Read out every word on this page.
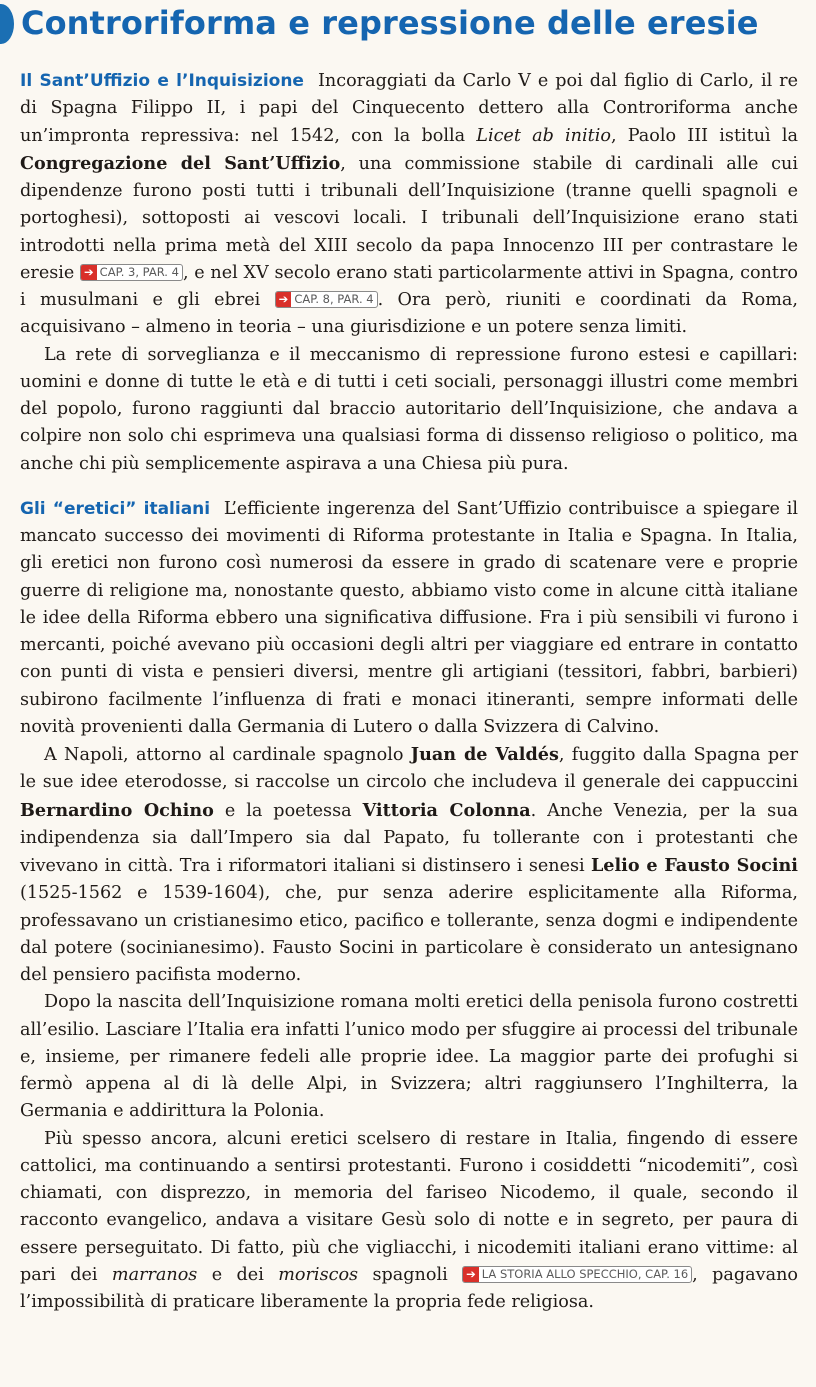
Controriforma e repressione delle eresie

Il Sant’Uffizio e l’Inquisizione Incoraggiati da Carlo V e poi dal figlio di Carlo, il re di Spagna Filippo II, i papi del Cinquecento dettero alla Controriforma anche un’impronta repressiva: nel 1542, con la bolla Licet ab initio, Paolo III istituì la Congregazione del Sant’Uffizio, una commissione stabile di cardinali alle cui dipendenze furono posti tutti i tribunali dell’Inquisizione (tranne quelli spagnoli e portoghesi), sottoposti ai vescovi locali. I tribunali dell’Inquisizione erano stati introdotti nella prima metà del XIII secolo da papa Innocenzo III per contrastare le eresie ➔ CAP. 3, PAR. 4 , e nel XV secolo erano stati particolarmente attivi in Spagna, contro i musulmani e gli ebrei ➔ CAP. 8, PAR. 4 . Ora però, riuniti e coordinati da Roma, acquisivano – almeno in teoria – una giurisdizione e un potere senza limiti.

La rete di sorveglianza e il meccanismo di repressione furono estesi e capillari: uomini e donne di tutte le età e di tutti i ceti sociali, personaggi illustri come membri del popolo, furono raggiunti dal braccio autoritario dell’Inquisizione, che andava a colpire non solo chi esprimeva una qualsiasi forma di dissenso religioso o politico, ma anche chi più semplicemente aspirava a una Chiesa più pura.

Gli “eretici” italiani L’efficiente ingerenza del Sant’Uffizio contribuisce a spiegare il mancato successo dei movimenti di Riforma protestante in Italia e Spagna. In Italia, gli eretici non furono così numerosi da essere in grado di scatenare vere e proprie guerre di religione ma, nonostante questo, abbiamo visto come in alcune città italiane le idee della Riforma ebbero una significativa diffusione. Fra i più sensibili vi furono i mercanti, poiché avevano più occasioni degli altri per viaggiare ed entrare in contatto con punti di vista e pensieri diversi, mentre gli artigiani (tessitori, fabbri, barbieri) subirono facilmente l’influenza di frati e monaci itineranti, sempre informati delle novità provenienti dalla Germania di Lutero o dalla Svizzera di Calvino.

A Napoli, attorno al cardinale spagnolo Juan de Valdés, fuggito dalla Spagna per le sue idee eterodosse, si raccolse un circolo che includeva il generale dei cappuccini Bernardino Ochino e la poetessa Vittoria Colonna. Anche Venezia, per la sua indipendenza sia dall’Impero sia dal Papato, fu tollerante con i protestanti che vivevano in città. Tra i riformatori italiani si distinsero i senesi Lelio e Fausto Socini (1525-1562 e 1539-1604), che, pur senza aderire esplicitamente alla Riforma, professavano un cristianesimo etico, pacifico e tollerante, senza dogmi e indipendente dal potere (socinianesimo). Fausto Socini in particolare è considerato un antesignano del pensiero pacifista moderno.

Dopo la nascita dell’Inquisizione romana molti eretici della penisola furono costretti all’esilio. Lasciare l’Italia era infatti l’unico modo per sfuggire ai processi del tribunale e, insieme, per rimanere fedeli alle proprie idee. La maggior parte dei profughi si fermò appena al di là delle Alpi, in Svizzera; altri raggiunsero l’Inghilterra, la Germania e addirittura la Polonia.

Più spesso ancora, alcuni eretici scelsero di restare in Italia, fingendo di essere cattolici, ma continuando a sentirsi protestanti. Furono i cosiddetti “nicodemiti”, così chiamati, con disprezzo, in memoria del fariseo Nicodemo, il quale, secondo il racconto evangelico, andava a visitare Gesù solo di notte e in segreto, per paura di essere perseguitato. Di fatto, più che vigliacchi, i nicodemiti italiani erano vittime: al pari dei marranos e dei moriscos spagnoli ➔ LA STORIA ALLO SPECCHIO, CAP. 16 , pagavano l’impossibilità di praticare liberamente la propria fede religiosa.
